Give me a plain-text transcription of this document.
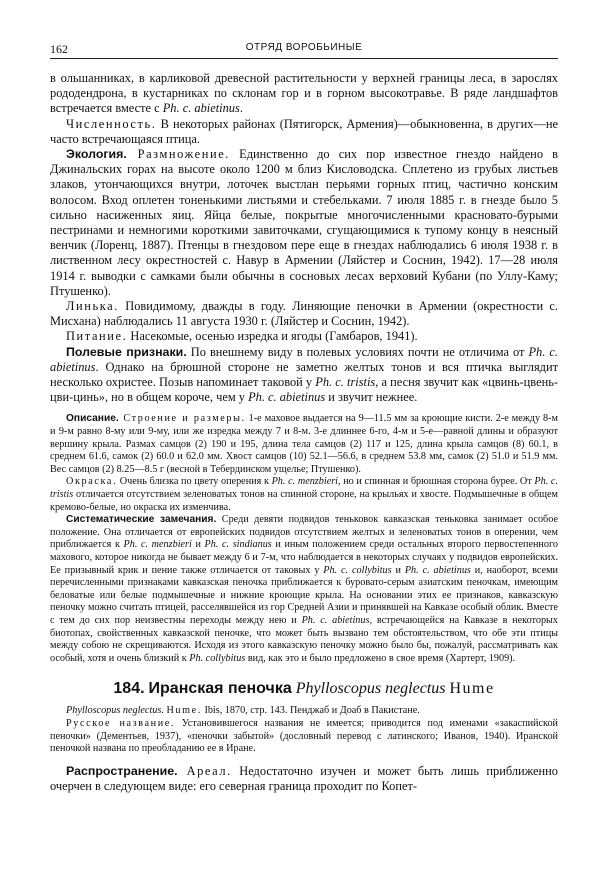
162	ОТРЯД ВОРОБЬИНЫЕ

в ольшанниках, в карликовой древесной растительности у верхней границы леса, в зарослях рододендрона, в кустарниках по склонам гор и в горном высокотравье. В ряде ландшафтов встречается вместе с Ph. c. abietinus.

Численность. В некоторых районах (Пятигорск, Армения)—обыкновенна, в других—не часто встречающаяся птица.

Экология. Размножение. Единственно до сих пор известное гнездо найдено в Джинальских горах на высоте около 1200 м близ Кисловодска. Сплетено из грубых листьев злаков, утончающихся внутри, лоточек выстлан перьями горных птиц, частично конским волосом. Вход оплетен тоненькими листьями и стебельками. 7 июля 1885 г. в гнезде было 5 сильно насиженных яиц. Яйца белые, покрытые многочисленными красновато-бурыми пестринами и немногими короткими завиточками, сгущающимися к тупому концу в неясный венчик (Лоренц, 1887). Птенцы в гнездовом пере еще в гнездах наблюдались 6 июля 1938 г. в лиственном лесу окрестностей с. Навур в Армении (Ляйстер и Соснин, 1942). 17—28 июля 1914 г. выводки с самками были обычны в сосновых лесах верховий Кубани (по Уллу-Каму; Птушенко).

Линька. Повидимому, дважды в году. Линяющие пеночки в Армении (окрестности с. Мисхана) наблюдались 11 августа 1930 г. (Ляйстер и Соснин, 1942).

Питание. Насекомые, осенью изредка и ягоды (Гамбаров, 1941).

Полевые признаки. По внешнему виду в полевых условиях почти не отличима от Ph. c. abietinus. Однако на брюшной стороне не заметно желтых тонов и вся птичка выглядит несколько охристее. Позыв напоминает таковой у Ph. c. tristis, а песня звучит как «цвинь-цвень-цви-цинь», но в общем короче, чем у Ph. c. abietinus и звучит нежнее.

Описание. Строение и размеры. 1-е маховое выдается на 9—11.5 мм за кроющие кисти. 2-е между 8-м и 9-м равно 8-му или 9-му, или же изредка между 7 и 8-м. 3-е длиннее 6-го, 4-м и 5-е—равной длины и образуют вершину крыла. Размах самцов (2) 190 и 195, длина тела самцов (2) 117 и 125, длина крыла самцов (8) 60.1, в среднем 61.6, самок (2) 60.0 и 62.0 мм. Хвост самцов (10) 52.1—56.6, в среднем 53.8 мм, самок (2) 51.0 и 51.9 мм. Вес самцов (2) 8.25—8.5 г (весной в Тебердинском ущелье; Птушенко).

Окраска. Очень близка по цвету оперения к Ph. c. menzbieri, но и спинная и брюшная сторона бурее. От Ph. c. tristis отличается отсутствием зеленоватых тонов на спинной стороне, на крыльях и хвосте. Подмышечные в общем кремово-белые, но окраска их изменчива.

Систематические замечания. Среди девяти подвидов теньковок кавказская теньковка занимает особое положение. Она отличается от европейских подвидов отсутствием желтых и зеленоватых тонов в оперении, чем приближается к Ph. c. menzbieri и Ph. c. sindianus и иным положением среди остальных второго первостепенного махового, которое никогда не бывает между 6 и 7-м, что наблюдается в некоторых случаях у подвидов европейских. Ее призывный крик и пение также отличается от таковых у Ph. c. collybitus и Ph. c. abietinus и, наоборот, всеми перечисленными признаками кавказская пеночка приближается к буровато-серым азиатским пеночкам, имеющим беловатые или белые подмышечные и нижние кроющие крыла. На основании этих ее признаков, кавказскую пеночку можно считать птицей, расселявшейся из гор Средней Азии и принявшей на Кавказе особый облик. Вместе с тем до сих пор неизвестны переходы между нею и Ph. c. abietinus, встречающейся на Кавказе в некоторых биотопах, свойственных кавказской пеночке, что может быть вызвано тем обстоятельством, что обе эти птицы между собою не скрещиваются. Исходя из этого кавказскую пеночку можно было бы, пожалуй, рассматривать как особый, хотя и очень близкий к Ph. collybitus вид, как это и было предложено в свое время (Хартерт, 1909).

184. Иранская пеночка Phylloscopus neglectus Hume

Phylloscopus neglectus. Hume. Ibis, 1870, стр. 143. Пенджаб и Доаб в Пакистане.

Русское название. Установившегося названия не имеется; приводится под именами «закаспийской пеночки» (Дементьев, 1937), «пеночки забытой» (дословный перевод с латинского; Иванов, 1940). Иранской пеночкой названа по преобладанию ее в Иране.

Распространение. Ареал. Недостаточно изучен и может быть лишь приближенно очерчен в следующем виде: его северная граница проходит по Копет-
